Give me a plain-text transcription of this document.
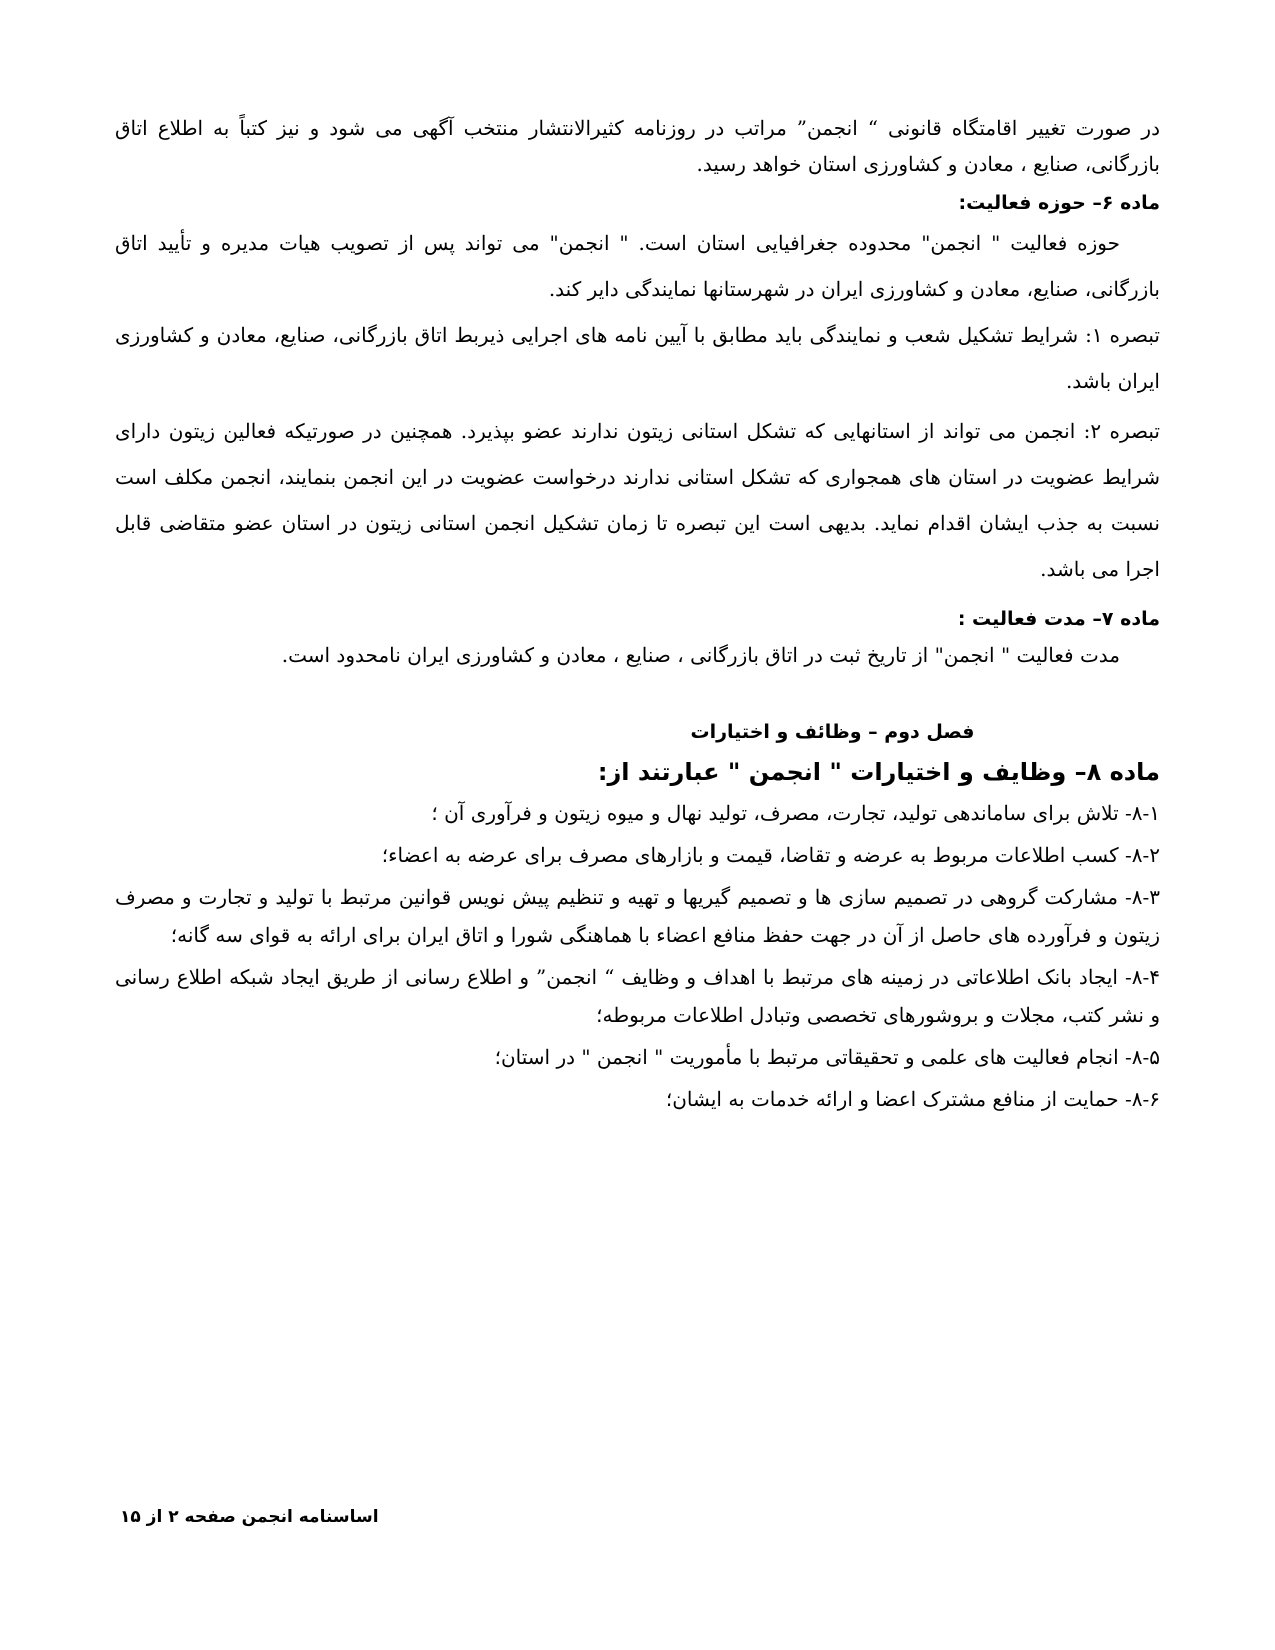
در صورت تغییر اقامتگاه قانونی “ انجمن” مراتب در روزنامه کثیرالانتشار منتخب آگهی می شود و نیز کتباً به اطلاع اتاق بازرگانی، صنایع ، معادن و کشاورزی استان خواهد رسید.

ماده ۶– حوزه فعالیت:

حوزه فعالیت " انجمن" محدوده جغرافیایی استان است. " انجمن" می تواند پس از تصویب هیات مدیره و تأیید اتاق بازرگانی، صنایع، معادن و کشاورزی ایران در شهرستانها نمایندگی دایر کند.

تبصره ۱: شرایط تشکیل شعب و نمایندگی باید مطابق با آیین نامه های اجرایی ذیربط اتاق بازرگانی، صنایع، معادن و کشاورزی ایران باشد.

تبصره ۲: انجمن می تواند از استانهایی که تشکل استانی زیتون ندارند عضو بپذیرد. همچنین در صورتیکه فعالین زیتون دارای شرایط عضویت در استان های همجواری که تشکل استانی ندارند درخواست عضویت در این انجمن بنمایند، انجمن مکلف است نسبت به جذب ایشان اقدام نماید. بدیهی است این تبصره تا زمان تشکیل انجمن استانی زیتون در استان عضو متقاضی قابل اجرا می باشد.

ماده ۷– مدت فعالیت :

مدت فعالیت " انجمن" از تاریخ ثبت در اتاق بازرگانی ، صنایع ، معادن و کشاورزی ایران نامحدود است.

فصل دوم – وظائف و اختیارات

ماده ۸– وظایف و اختیارات " انجمن " عبارتند از:

۸-۱- تلاش برای ساماندهی تولید، تجارت، مصرف، تولید نهال و میوه زیتون و فرآوری آن ؛

۸-۲- کسب اطلاعات مربوط به عرضه و تقاضا، قیمت و بازارهای مصرف برای عرضه به اعضاء؛

۸-۳- مشارکت گروهی در تصمیم سازی ها و تصمیم گیریها و تهیه و تنظیم پیش نویس قوانین مرتبط با تولید و تجارت و مصرف زیتون و فرآورده های حاصل از آن در جهت حفظ منافع اعضاء با هماهنگی شورا و اتاق ایران برای ارائه به قوای سه گانه؛

۸-۴- ایجاد بانک اطلاعاتی در زمینه های مرتبط با اهداف و وظایف “ انجمن” و اطلاع رسانی از طریق ایجاد شبکه اطلاع رسانی و نشر کتب، مجلات و بروشورهای تخصصی وتبادل اطلاعات مربوطه؛

۸-۵- انجام فعالیت های علمی و تحقیقاتی مرتبط با مأموریت " انجمن " در استان؛

۸-۶- حمایت از منافع مشترک اعضا و ارائه خدمات به ایشان؛

اساسنامه انجمن صفحه ۲ از ۱۵
